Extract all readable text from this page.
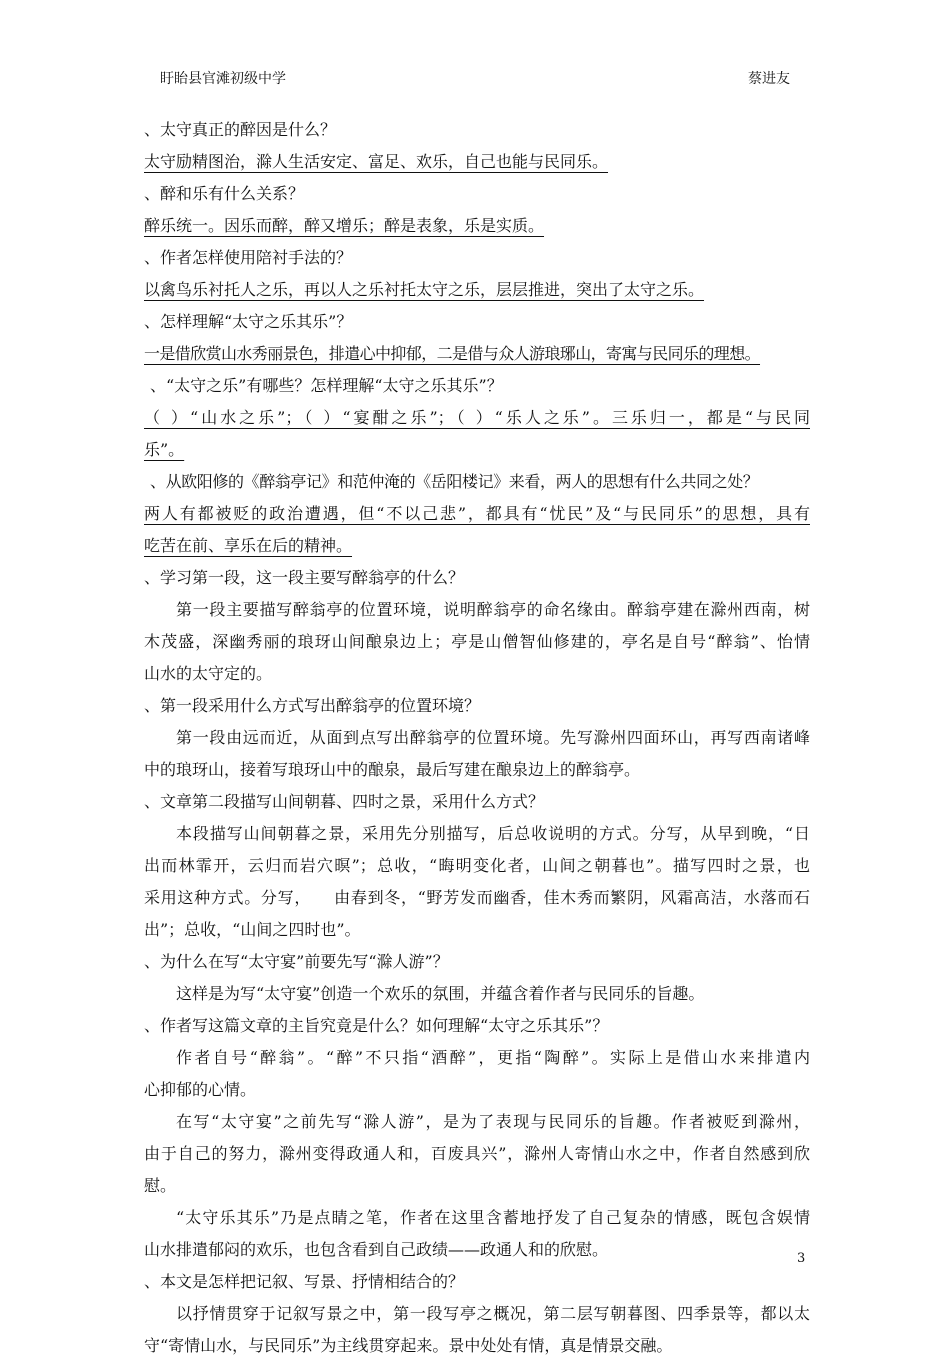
盱眙县官滩初级中学	蔡进友
、太守真正的醉因是什么？
太守励精图治，滁人生活安定、富足、欢乐，自己也能与民同乐。
、醉和乐有什么关系？
醉乐统一。因乐而醉，醉又增乐；醉是表象，乐是实质。
、作者怎样使用陪衬手法的？
以禽鸟乐衬托人之乐，再以人之乐衬托太守之乐，层层推进，突出了太守之乐。
、怎样理解“太守之乐其乐”？
一是借欣赏山水秀丽景色，排遣心中抑郁，二是借与众人游琅琊山，寄寓与民同乐的理想。
、“太守之乐”有哪些？怎样理解“太守之乐其乐”？
（ ）“山水之乐”；（ ）“宴酣之乐”；（ ）“乐人之乐”。三乐归一，都是“与民同
乐”。
、从欧阳修的《醉翁亭记》和范仲淹的《岳阳楼记》来看，两人的思想有什么共同之处？
两人有都被贬的政治遭遇，但“不以己悲”，都具有“忧民”及“与民同乐”的思想，具有
吃苦在前、享乐在后的精神。
、学习第一段，这一段主要写醉翁亭的什么？
第一段主要描写醉翁亭的位置环境，说明醉翁亭的命名缘由。醉翁亭建在滁州西南，树
木茂盛，深幽秀丽的琅玡山间酿泉边上；亭是山僧智仙修建的，亭名是自号“醉翁”、怡情
山水的太守定的。
、第一段采用什么方式写出醉翁亭的位置环境？
第一段由远而近，从面到点写出醉翁亭的位置环境。先写滁州四面环山，再写西南诸峰
中的琅玡山，接着写琅玡山中的酿泉，最后写建在酿泉边上的醉翁亭。
、文章第二段描写山间朝暮、四时之景，采用什么方式？
本段描写山间朝暮之景，采用先分别描写，后总收说明的方式。分写，从早到晚，“日
出而林霏开，云归而岩穴暝”；总收，“晦明变化者，山间之朝暮也”。描写四时之景，也
采用这种方式。分写，    由春到冬，“野芳发而幽香，佳木秀而繁阴，风霜高洁，水落而石
出”；总收，“山间之四时也”。
、为什么在写“太守宴”前要先写“滁人游”？
这样是为写“太守宴”创造一个欢乐的氛围，并蕴含着作者与民同乐的旨趣。
、作者写这篇文章的主旨究竟是什么？如何理解“太守之乐其乐”？
作者自号“醉翁”。“醉”不只指“酒醉”，更指“陶醉”。实际上是借山水来排遣内
心抑郁的心情。
在写“太守宴”之前先写“滁人游”，是为了表现与民同乐的旨趣。作者被贬到滁州，
由于自己的努力，滁州变得政通人和，百废具兴”，滁州人寄情山水之中，作者自然感到欣
慰。
“太守乐其乐”乃是点睛之笔，作者在这里含蓄地抒发了自己复杂的情感，既包含娱情
山水排遣郁闷的欢乐，也包含看到自己政绩——政通人和的欣慰。
、本文是怎样把记叙、写景、抒情相结合的？
以抒情贯穿于记叙写景之中，第一段写亭之概况，第二层写朝暮图、四季景等，都以太
守“寄情山水，与民同乐”为主线贯穿起来。景中处处有情，真是情景交融。
3
